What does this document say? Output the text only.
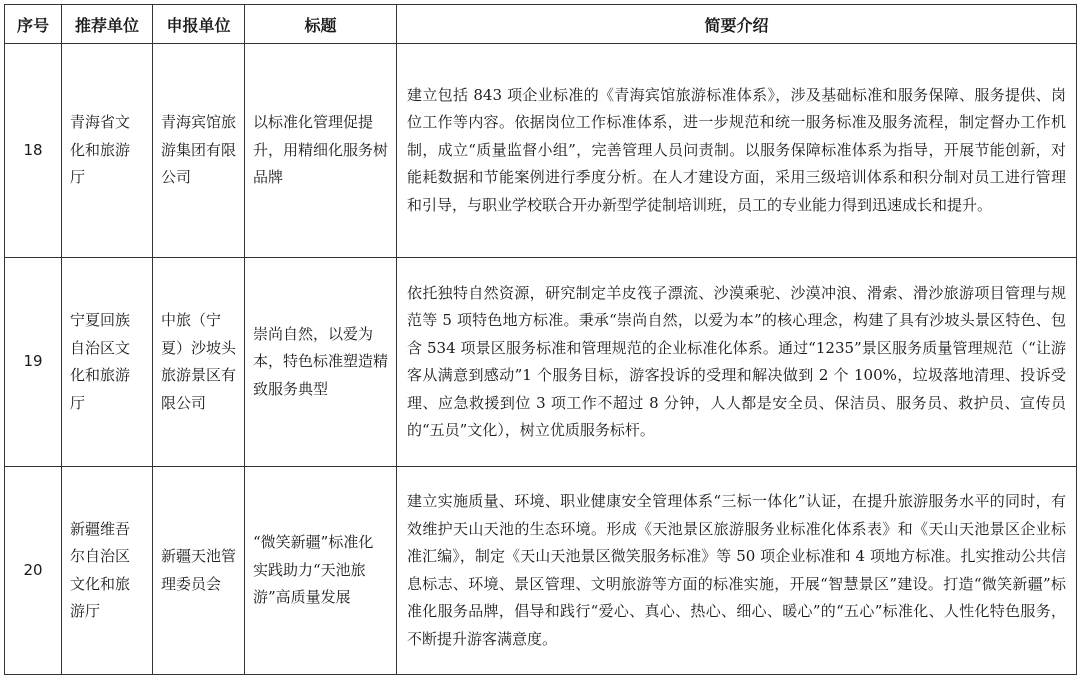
序号	推荐单位	申报单位	标题	简要介绍
18	青海省文化和旅游厅	青海宾馆旅游集团有限公司	以标准化管理促提升，用精细化服务树品牌	建立包括 843 项企业标准的《青海宾馆旅游标准体系》，涉及基础标准和服务保障、服务提供、岗位工作等内容。依据岗位工作标准体系，进一步规范和统一服务标准及服务流程，制定督办工作机制，成立“质量监督小组”，完善管理人员问责制。以服务保障标准体系为指导，开展节能创新，对能耗数据和节能案例进行季度分析。在人才建设方面，采用三级培训体系和积分制对员工进行管理和引导，与职业学校联合开办新型学徒制培训班，员工的专业能力得到迅速成长和提升。
19	宁夏回族自治区文化和旅游厅	中旅（宁夏）沙坡头旅游景区有限公司	崇尚自然，以爱为本，特色标准塑造精致服务典型	依托独特自然资源，研究制定羊皮筏子漂流、沙漠乘驼、沙漠冲浪、滑索、滑沙旅游项目管理与规范等 5 项特色地方标准。秉承“崇尚自然，以爱为本”的核心理念，构建了具有沙坡头景区特色、包含 534 项景区服务标准和管理规范的企业标准化体系。通过“1235”景区服务质量管理规范（“让游客从满意到感动”1 个服务目标，游客投诉的受理和解决做到 2 个 100%，垃圾落地清理、投诉受理、应急救援到位 3 项工作不超过 8 分钟，人人都是安全员、保洁员、服务员、救护员、宣传员的“五员”文化），树立优质服务标杆。
20	新疆维吾尔自治区文化和旅游厅	新疆天池管理委员会	“微笑新疆”标准化实践助力“天池旅游”高质量发展	建立实施质量、环境、职业健康安全管理体系“三标一体化”认证，在提升旅游服务水平的同时，有效维护天山天池的生态环境。形成《天池景区旅游服务业标准化体系表》和《天山天池景区企业标准汇编》，制定《天山天池景区微笑服务标准》等 50 项企业标准和 4 项地方标准。扎实推动公共信息标志、环境、景区管理、文明旅游等方面的标准实施，开展“智慧景区”建设。打造“微笑新疆”标准化服务品牌，倡导和践行“爱心、真心、热心、细心、暖心”的“五心”标准化、人性化特色服务，不断提升游客满意度。
